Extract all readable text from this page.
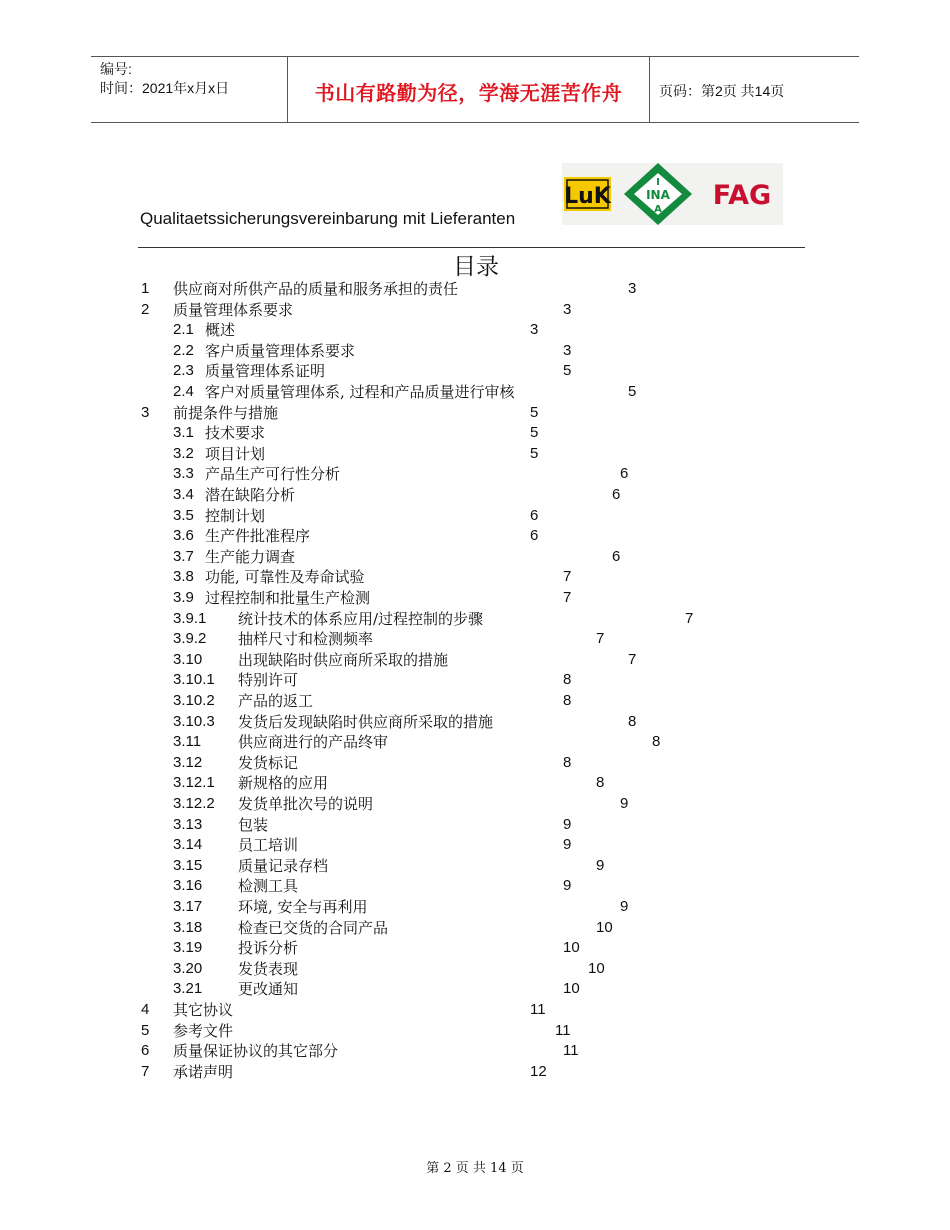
编号:
时间：2021年x月x日	书山有路勤为径，学海无涯苦作舟	页码：第2页 共14页
Qualitaetssicherungsvereinbarung mit Lieferanten
LuK
I
INA
A FAG
目录
1 供应商对所供产品的质量和服务承担的责任	3
2 质量管理体系要求	3
2.1 概述	3
2.2 客户质量管理体系要求	3
2.3 质量管理体系证明	5
2.4 客户对质量管理体系, 过程和产品质量进行审核	5
3 前提条件与措施	5
3.1 技术要求	5
3.2 项目计划	5
3.3 产品生产可行性分析	6
3.4 潜在缺陷分析	6
3.5 控制计划	6
3.6 生产件批准程序	6
3.7 生产能力调查	6
3.8 功能, 可靠性及寿命试验	7
3.9 过程控制和批量生产检测	7
3.9.1 统计技术的体系应用/过程控制的步骤	7
3.9.2 抽样尺寸和检测频率	7
3.10 出现缺陷时供应商所采取的措施	7
3.10.1 特别许可	8
3.10.2 产品的返工	8
3.10.3 发货后发现缺陷时供应商所采取的措施	8
3.11 供应商进行的产品终审	8
3.12 发货标记	8
3.12.1 新规格的应用	8
3.12.2 发货单批次号的说明	9
3.13 包装	9
3.14 员工培训	9
3.15 质量记录存档	9
3.16 检测工具	9
3.17 环境, 安全与再利用	9
3.18 检查已交货的合同产品	10
3.19 投诉分析	10
3.20 发货表现	10
3.21 更改通知	10
4 其它协议	11
5 参考文件	11
6 质量保证协议的其它部分	11
7 承诺声明	12
第 2 页 共 14 页
